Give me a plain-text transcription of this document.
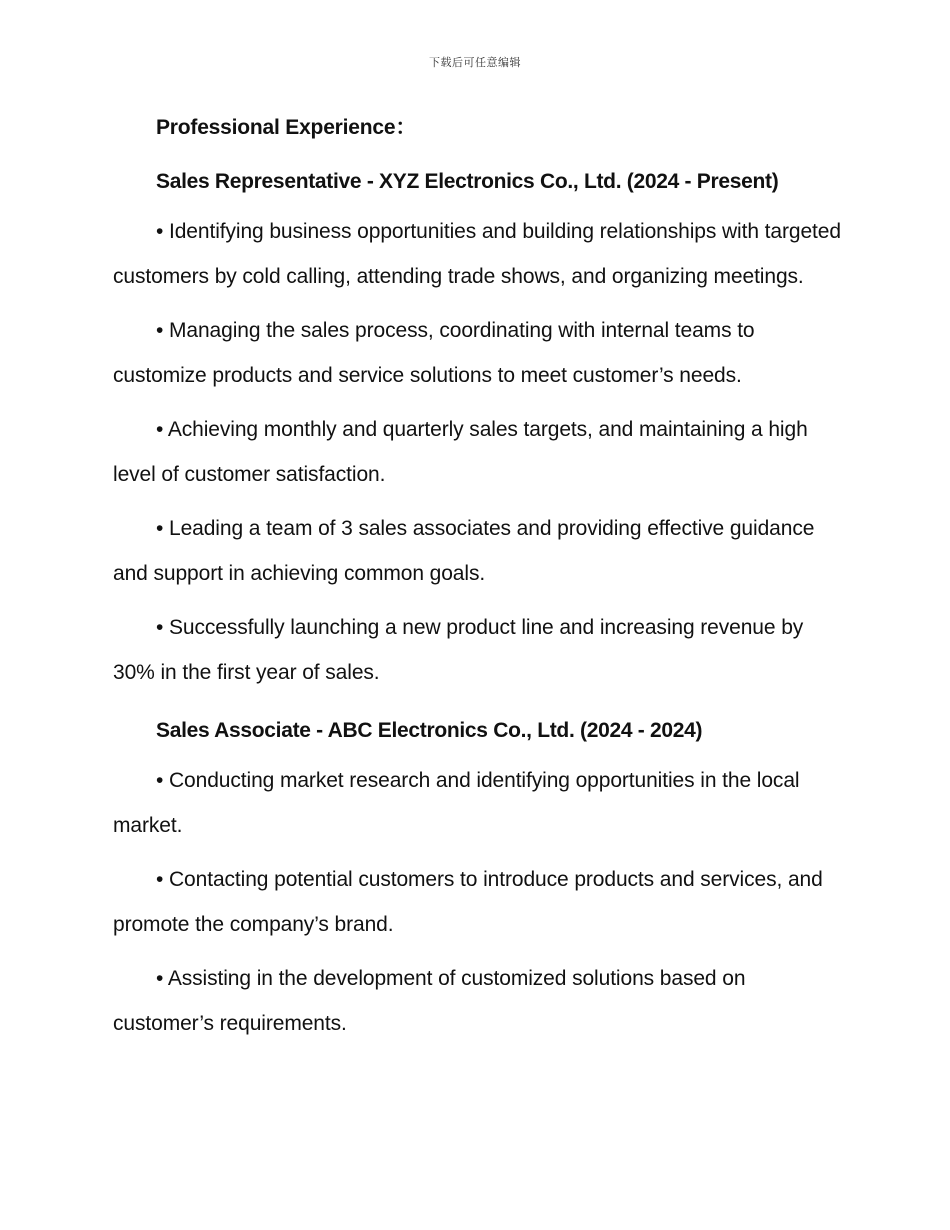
下载后可任意编辑
Professional Experience：
Sales Representative - XYZ Electronics Co., Ltd. (2024 - Present)

• Identifying business opportunities and building relationships with targeted customers by cold calling, attending trade shows, and organizing meetings.

• Managing the sales process, coordinating with internal teams to customize products and service solutions to meet customer’s needs.

• Achieving monthly and quarterly sales targets, and maintaining a high level of customer satisfaction.

• Leading a team of 3 sales associates and providing effective guidance and support in achieving common goals.

• Successfully launching a new product line and increasing revenue by 30% in the first year of sales.

Sales Associate - ABC Electronics Co., Ltd. (2024 - 2024)

• Conducting market research and identifying opportunities in the local market.

• Contacting potential customers to introduce products and services, and promote the company’s brand.

• Assisting in the development of customized solutions based on customer’s requirements.
